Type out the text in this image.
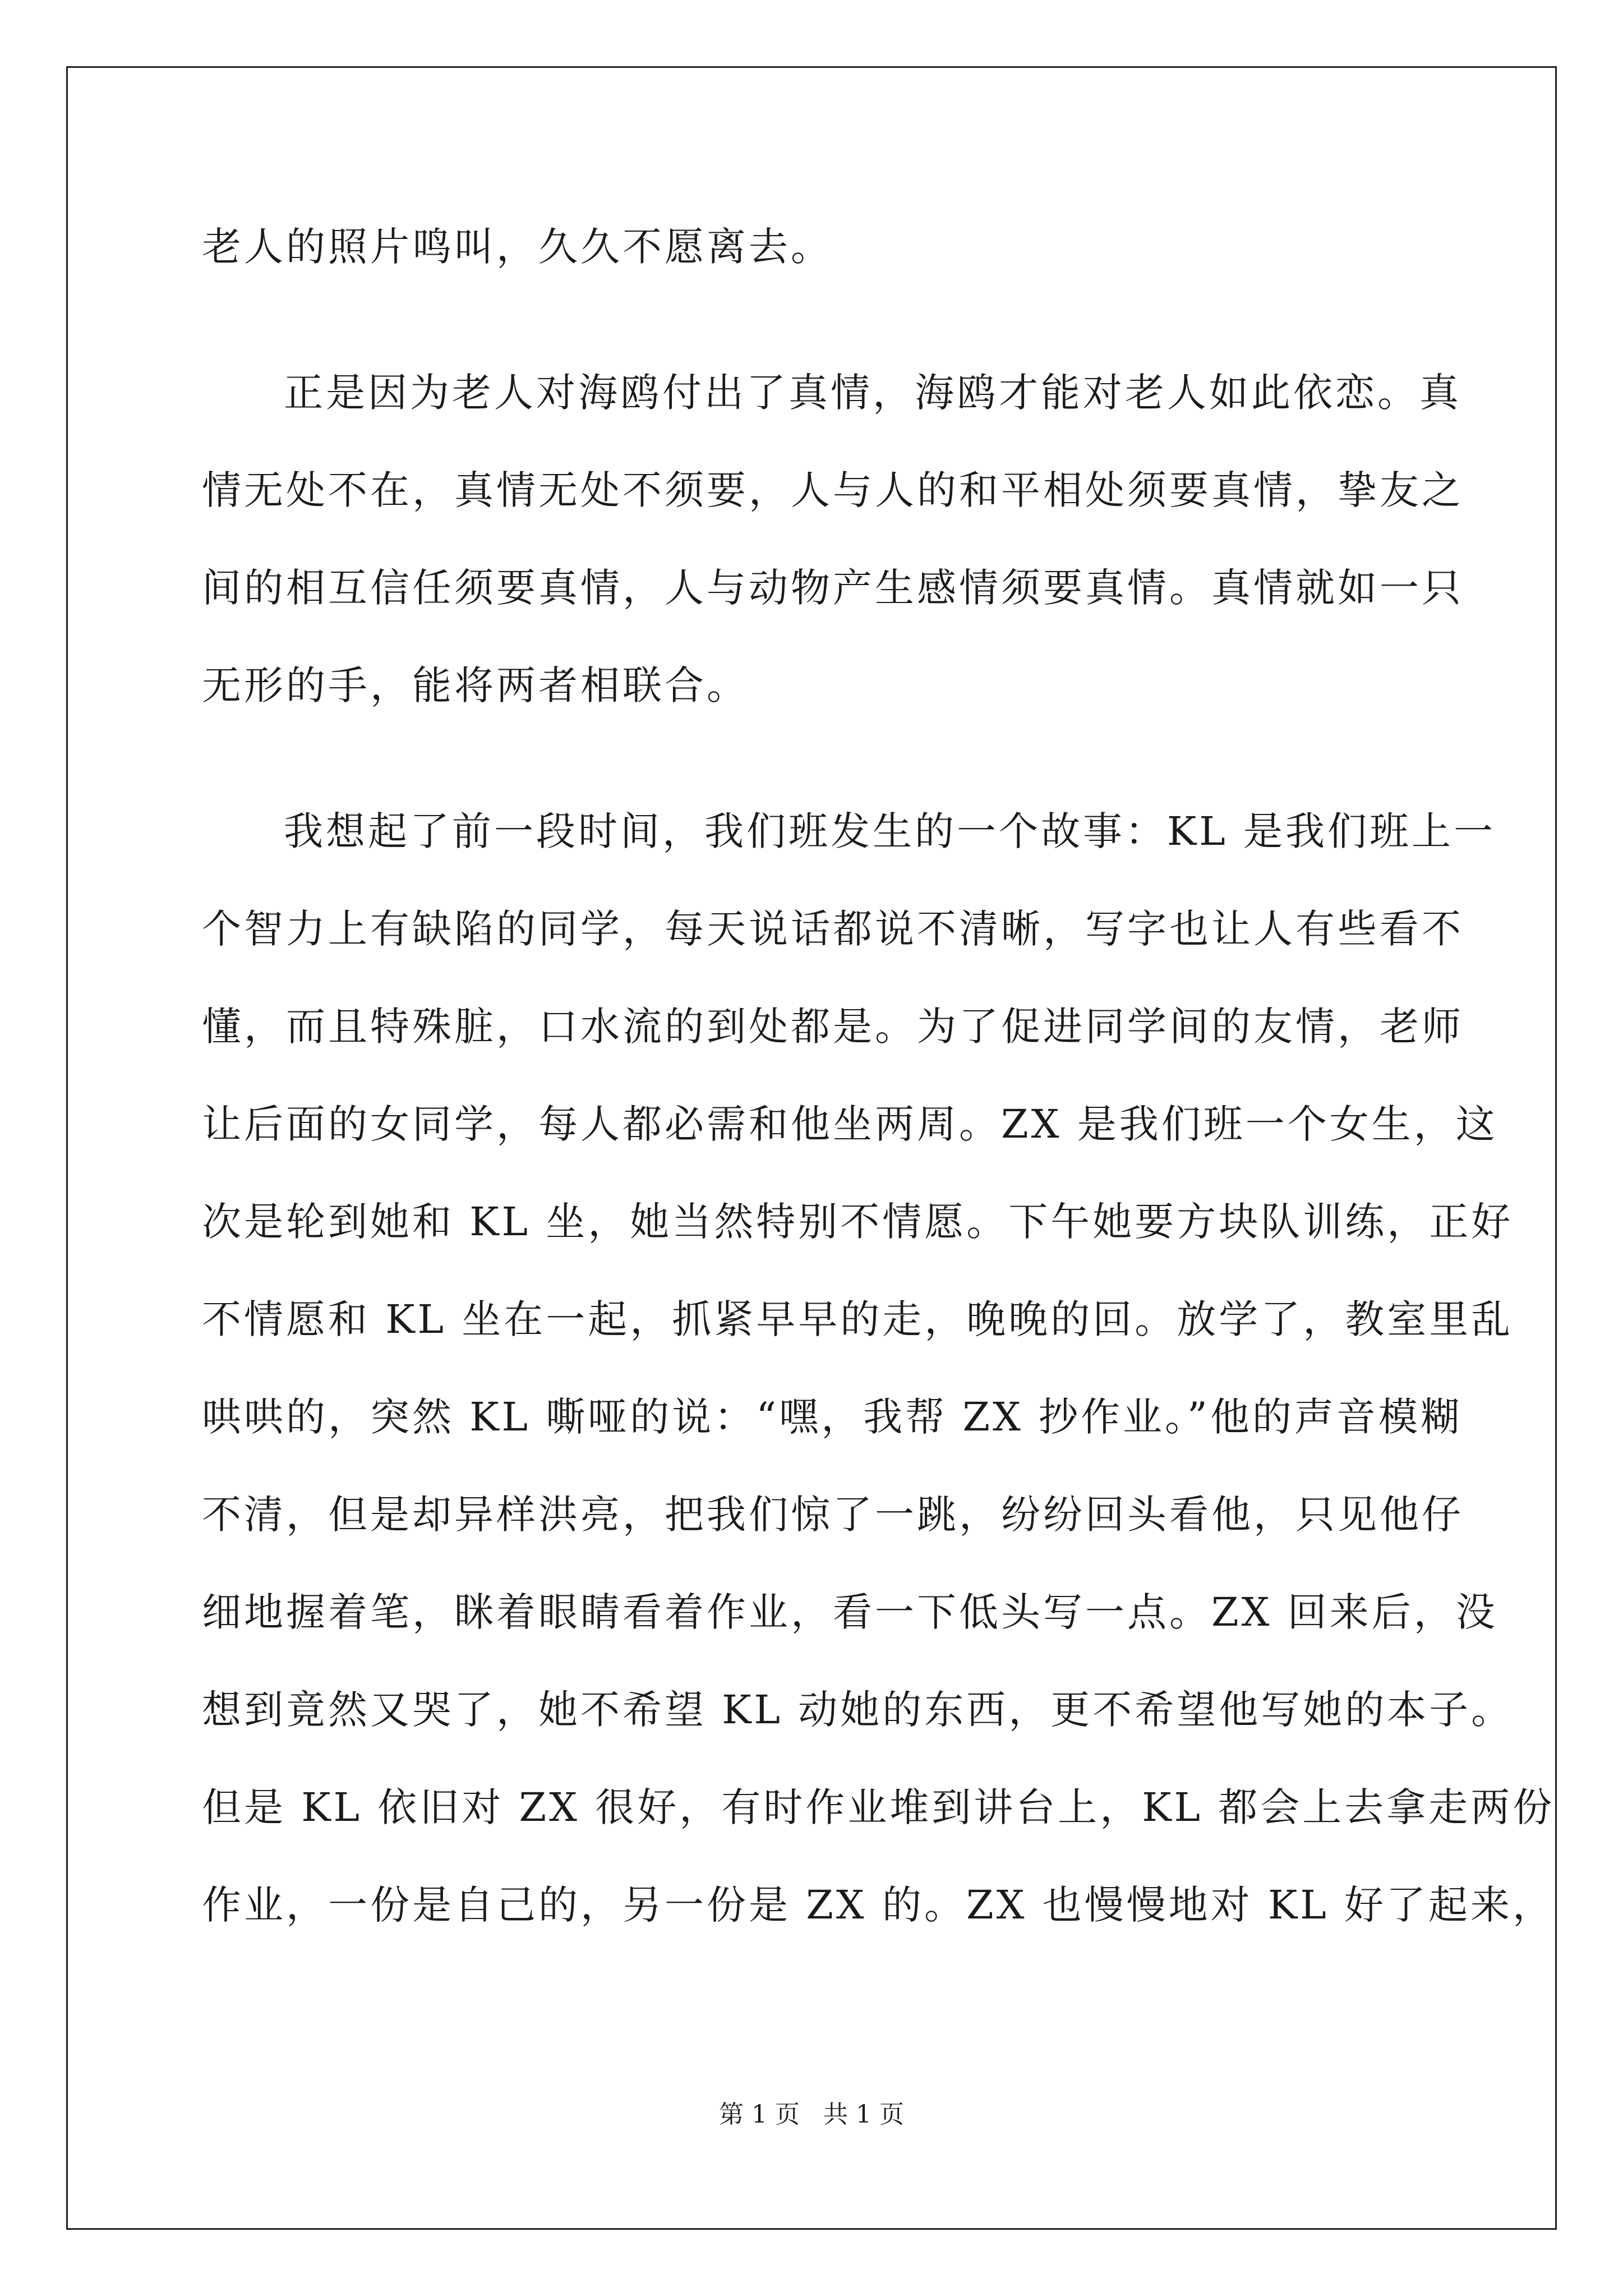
老人的照片鸣叫，久久不愿离去。
正是因为老人对海鸥付出了真情，海鸥才能对老人如此依恋。真
情无处不在，真情无处不须要，人与人的和平相处须要真情，挚友之
间的相互信任须要真情，人与动物产生感情须要真情。真情就如一只
无形的手，能将两者相联合。
我想起了前一段时间，我们班发生的一个故事：KL 是我们班上一
个智力上有缺陷的同学，每天说话都说不清晰，写字也让人有些看不
懂，而且特殊脏，口水流的到处都是。为了促进同学间的友情，老师
让后面的女同学，每人都必需和他坐两周。ZX 是我们班一个女生，这
次是轮到她和 KL 坐，她当然特别不情愿。下午她要方块队训练，正好
不情愿和 KL 坐在一起，抓紧早早的走，晚晚的回。放学了，教室里乱
哄哄的，突然 KL 嘶哑的说：“嘿，我帮 ZX 抄作业。”他的声音模糊
不清，但是却异样洪亮，把我们惊了一跳，纷纷回头看他，只见他仔
细地握着笔，眯着眼睛看着作业，看一下低头写一点。ZX 回来后，没
想到竟然又哭了，她不希望 KL 动她的东西，更不希望他写她的本子。
但是 KL 依旧对 ZX 很好，有时作业堆到讲台上，KL 都会上去拿走两份
作业，一份是自己的，另一份是 ZX 的。ZX 也慢慢地对 KL 好了起来，
第 1 页 共 1 页
